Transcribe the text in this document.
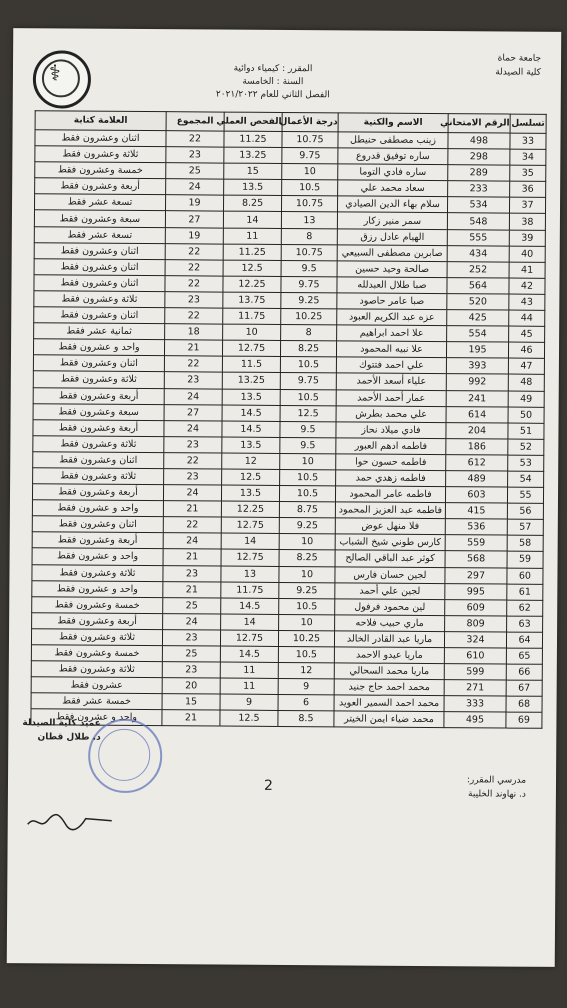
⚕
جامعة حماة
كلية الصيدلة
المقرر : كيمياء دوائية
السنة : الخامسة
الفصل الثاني للعام ٢٠٢١/٢٠٢٢
تسلسل	الرقم الامتحاني	الاسم والكنية	درجة الأعمال	الفحص العملي	المجموع	العلامة كتابة
33	498	زينب مصطفى حنيطل	10.75	11.25	22	اثنان وعشرون فقط
34	298	ساره توفيق قدروع	9.75	13.25	23	ثلاثة وعشرون فقط
35	289	ساره فادي التوما	10	15	25	خمسة وعشرون فقط
36	233	سعاد محمد علي	10.5	13.5	24	أربعة وعشرون فقط
37	534	سلام بهاء الدين الصيادي	10.75	8.25	19	تسعة عشر فقط
38	548	سمر منير زكار	13	14	27	سبعة وعشرون فقط
39	555	الهيام عادل رزق	8	11	19	تسعة عشر فقط
40	434	صابرين مصطفى السبيعي	10.75	11.25	22	اثنان وعشرون فقط
41	252	صالحة وحيد حسين	9.5	12.5	22	اثنان وعشرون فقط
42	564	صبا طلال العبدلله	9.75	12.25	22	اثنان وعشرون فقط
43	520	صبا عامر حاصود	9.25	13.75	23	ثلاثة وعشرون فقط
44	425	عزه عبد الكريم العبود	10.25	11.75	22	اثنان وعشرون فقط
45	554	علا احمد ابراهيم	8	10	18	ثمانية عشر فقط
46	195	علا نبيه المحمود	8.25	12.75	21	واحد و عشرون فقط
47	393	علي احمد فتتوك	10.5	11.5	22	اثنان وعشرون فقط
48	992	علياء أسعد الأحمد	9.75	13.25	23	ثلاثة وعشرون فقط
49	241	عمار أحمد الأحمد	10.5	13.5	24	أربعة وعشرون فقط
50	614	علي محمد بطرش	12.5	14.5	27	سبعة وعشرون فقط
51	204	فادي ميلاد نحاز	9.5	14.5	24	أربعة وعشرون فقط
52	186	فاطمه ادهم العبور	9.5	13.5	23	ثلاثة وعشرون فقط
53	612	فاطمه حسون حوا	10	12	22	اثنان وعشرون فقط
54	489	فاطمه زهدي حمد	10.5	12.5	23	ثلاثة وعشرون فقط
55	603	فاطمه عامر المحمود	10.5	13.5	24	أربعة وعشرون فقط
56	415	فاطمه عبد العزيز المحمود	8.75	12.25	21	واحد و عشرون فقط
57	536	فلا منهل عوض	9.25	12.75	22	اثنان وعشرون فقط
58	559	كارس طوني شيخ الشباب	10	14	24	أربعة وعشرون فقط
59	568	كوثر عبد الباقي الصالح	8.25	12.75	21	واحد و عشرون فقط
60	297	لجين حسان فارس	10	13	23	ثلاثة وعشرون فقط
61	995	لجين علي أحمد	9.25	11.75	21	واحد و عشرون فقط
62	609	لين محمود فرفول	10.5	14.5	25	خمسة وعشرون فقط
63	809	ماري حبيب فلاحه	10	14	24	أربعة وعشرون فقط
64	324	ماريا عبد القادر الخالد	10.25	12.75	23	ثلاثة وعشرون فقط
65	610	ماريا عيدو الاحمد	10.5	14.5	25	خمسة وعشرون فقط
66	599	ماريا محمد السحالي	12	11	23	ثلاثة وعشرون فقط
67	271	محمد احمد حاج جنيد	9	11	20	عشرون فقط
68	333	محمد احمد السمير العويد	6	9	15	خمسة عشر فقط
69	495	محمد ضياء ايمن الخيتر	8.5	12.5	21	واحد و عشرون فقط
عميد كلية الصيدلة
د. طلال قطان
2	مدرسي المقرر:
د. نهاوند الخليبة
